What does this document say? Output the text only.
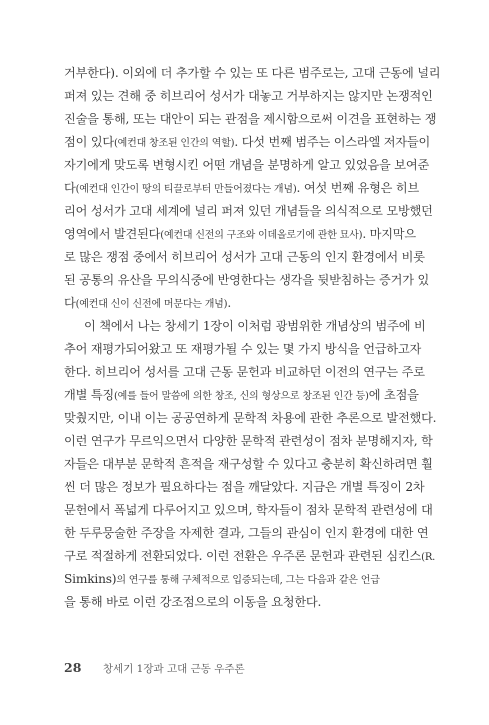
거부한다). 이외에 더 추가할 수 있는 또 다른 범주로는, 고대 근동에 널리
퍼져 있는 견해 중 히브리어 성서가 대놓고 거부하지는 않지만 논쟁적인
진술을 통해, 또는 대안이 되는 관점을 제시함으로써 이견을 표현하는 쟁
점이 있다(예컨대 창조된 인간의 역할). 다섯 번째 범주는 이스라엘 저자들이
자기에게 맞도록 변형시킨 어떤 개념을 분명하게 알고 있었음을 보여준
다(예컨대 인간이 땅의 티끌로부터 만들어졌다는 개념). 여섯 번째 유형은 히브
리어 성서가 고대 세계에 널리 퍼져 있던 개념들을 의식적으로 모방했던
영역에서 발견된다(예컨대 신전의 구조와 이데올로기에 관한 묘사). 마지막으
로 많은 쟁점 중에서 히브리어 성서가 고대 근동의 인지 환경에서 비롯
된 공통의 유산을 무의식중에 반영한다는 생각을 뒷받침하는 증거가 있
다(예컨대 신이 신전에 머문다는 개념).
이 책에서 나는 창세기 1장이 이처럼 광범위한 개념상의 범주에 비
추어 재평가되어왔고 또 재평가될 수 있는 몇 가지 방식을 언급하고자
한다. 히브리어 성서를 고대 근동 문헌과 비교하던 이전의 연구는 주로
개별 특징(예를 들어 말씀에 의한 창조, 신의 형상으로 창조된 인간 등)에 초점을
맞췄지만, 이내 이는 공공연하게 문학적 차용에 관한 추론으로 발전했다.
이런 연구가 무르익으면서 다양한 문학적 관련성이 점차 분명해지자, 학
자들은 대부분 문학적 흔적을 재구성할 수 있다고 충분히 확신하려면 훨
씬 더 많은 정보가 필요하다는 점을 깨달았다. 지금은 개별 특징이 2차
문헌에서 폭넓게 다루어지고 있으며, 학자들이 점차 문학적 관련성에 대
한 두루뭉술한 주장을 자제한 결과, 그들의 관심이 인지 환경에 대한 연
구로 적절하게 전환되었다. 이런 전환은 우주론 문헌과 관련된 심킨스(R.
Simkins)의 연구를 통해 구체적으로 입증되는데, 그는 다음과 같은 언급
을 통해 바로 이런 강조점으로의 이동을 요청한다.
28 창세기 1장과 고대 근동 우주론
